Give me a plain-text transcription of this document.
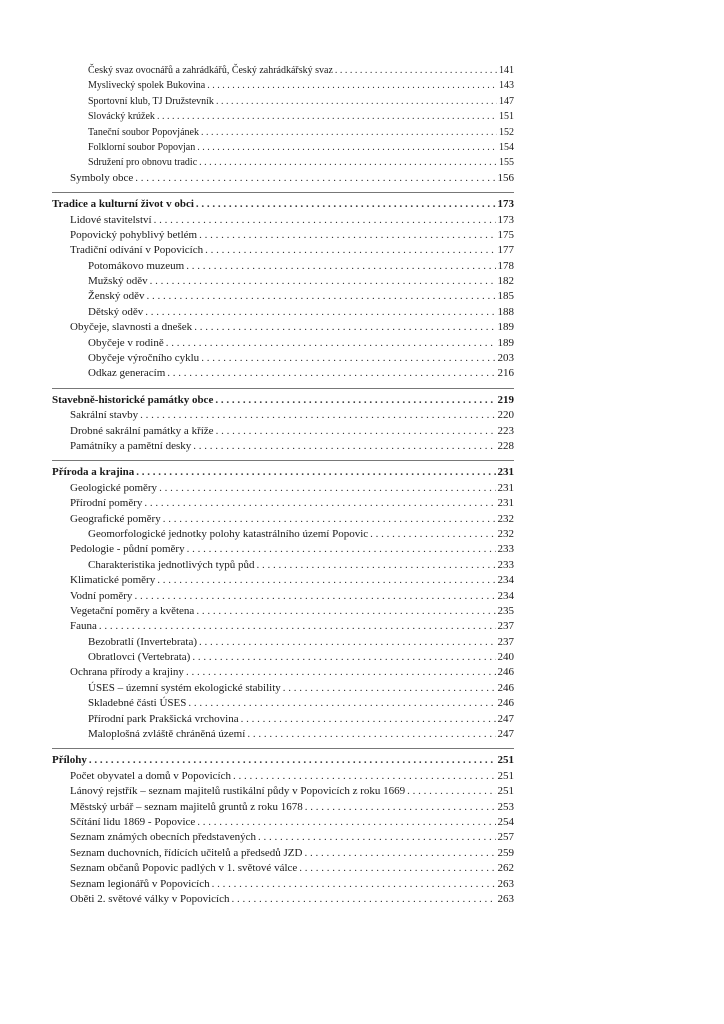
Český svaz ovocnářů a zahrádkářů, Český zahrádkářský svaz . . .	141
Myslivecký spolek Bukovina . . .	143
Sportovní klub, TJ Družstevník . . .	147
Slovácký krúžek . . .	151
Taneční soubor Popovjánek . . .	152
Folklorní soubor Popovjan . . .	154
Sdružení pro obnovu tradic . . .	155
Symboly obce . . .	156
Tradice a kulturní život v obci . . .	173
Lidové stavitelství . . .	173
Popovický pohyblivý betlém . . .	175
Tradiční odívání v Popovicích . . .	177
Potomákovo muzeum . . .	178
Mužský oděv . . .	182
Ženský oděv . . .	185
Dětský oděv . . .	188
Obyčeje, slavnosti a dnešek . . .	189
Obyčeje v rodině . . .	189
Obyčeje výročního cyklu . . .	203
Odkaz generacím . . .	216
Stavebně-historické památky obce . . .	219
Sakrální stavby . . .	220
Drobné sakrální památky a kříže . . .	223
Památníky a pamětní desky . . .	228
Příroda a krajina . . .	231
Geologické poměry . . .	231
Přírodní poměry . . .	231
Geografické poměry . . .	232
Geomorfologické jednotky polohy katastrálního území Popovic . . .	232
Pedologie - půdní poměry . . .	233
Charakteristika jednotlivých typů půd . . .	233
Klimatické poměry . . .	234
Vodní poměry . . .	234
Vegetační poměry a květena . . .	235
Fauna . . .	237
Bezobratlí (Invertebrata) . . .	237
Obratlovci (Vertebrata) . . .	240
Ochrana přírody a krajiny . . .	246
ÚSES – územní systém ekologické stability . . .	246
Skladebné části ÚSES . . .	246
Přírodní park Prakšická vrchovina . . .	247
Maloplošná zvláště chráněná území . . .	247
Přílohy . . .	251
Počet obyvatel a domů v Popovicích . . .	251
Lánový rejstřík – seznam majitelů rustikální půdy v Popovicích z roku 1669 . . .	251
Městský urbář – seznam majitelů gruntů z roku 1678 . . .	253
Sčítání lidu 1869 - Popovice . . .	254
Seznam známých obecních představených . . .	257
Seznam duchovních, řídících učitelů a předsedů JZD . . .	259
Seznam občanů Popovic padlých v 1. světové válce . . .	262
Seznam legionářů v Popovicích . . .	263
Oběti 2. světové války v Popovicích . . .	263
